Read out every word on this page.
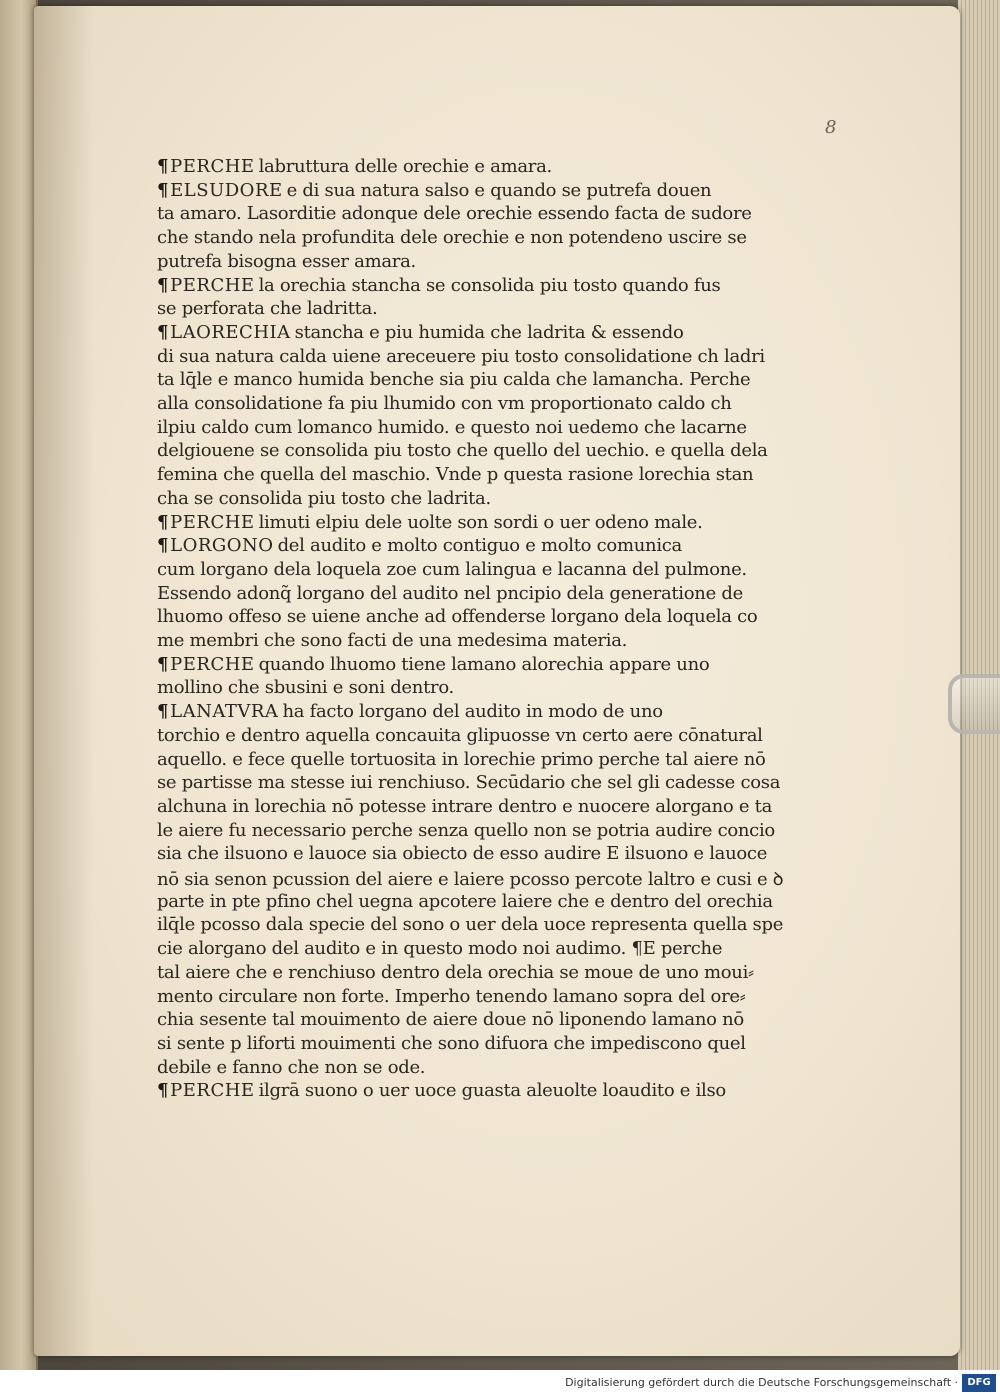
8
¶ PERCHE labruttura delle orechie e amara.
¶ ELSUDORE e di sua natura salso e quando se putrefa douen
ta amaro. Lasorditie adonque dele orechie essendo facta de sudore
che stando nela profundita dele orechie e non potendeno uscire se
putrefa bisogna esser amara.
¶ PERCHE la orechia stancha se consolida piu tosto quando fus
se perforata che ladritta.
¶ LAORECHIA stancha e piu humida che ladrita & essendo
di sua natura calda uiene areceuere piu tosto consolidatione ch ladri
ta lq̄le e manco humida benche sia piu calda che lamancha. Perche
alla consolidatione fa piu lhumido con vm proportionato caldo ch
ilpiu caldo cum lomanco humido. e questo noi uedemo che lacarne
delgiouene se consolida piu tosto che quello del uechio. e quella dela
femina che quella del maschio. Vnde p questa rasione lorechia stan
cha se consolida piu tosto che ladrita.
¶ PERCHE limuti elpiu dele uolte son sordi o uer odeno male.
¶ LORGONO del audito e molto contiguo e molto comunica
cum lorgano dela loquela zoe cum lalingua e lacanna del pulmone.
Essendo adonq̃ lorgano del audito nel pncipio dela generatione de
lhuomo offeso se uiene anche ad offenderse lorgano dela loquela co
me membri che sono facti de una medesima materia.
¶ PERCHE quando lhuomo tiene lamano alorechia appare uno
mollino che sbusini e soni dentro.
¶ LANATVRA ha facto lorgano del audito in modo de uno
torchio e dentro aquella concauita glipuosse vn certo aere cōnatural
aquello. e fece quelle tortuosita in lorechie primo perche tal aiere nō
se partisse ma stesse iui renchiuso. Secūdario che sel gli cadesse cosa
alchuna in lorechia nō potesse intrare dentro e nuocere alorgano e ta
le aiere fu necessario perche senza quello non se potria audire concio
sia che ilsuono e lauoce sia obiecto de esso audire E ilsuono e lauoce
nō sia senon pcussion del aiere e laiere pcosso percote laltro e cusi e ꝺ
parte in pte pfino chel uegna apcotere laiere che e dentro del orechia
ilq̄le pcosso dala specie del sono o uer dela uoce representa quella spe
cie alorgano del audito e in questo modo noi audimo. ¶E perche
tal aiere che e renchiuso dentro dela orechia se moue de uno moui⸗
mento circulare non forte. Imperho tenendo lamano sopra del ore⸗
chia sesente tal mouimento de aiere doue nō liponendo lamano nō
si sente p liforti mouimenti che sono difuora che impediscono quel
debile e fanno che non se ode.
¶ PERCHE ilgrā suono o uer uoce guasta aleuolte loaudito e ilso
Digitalisierung gefördert durch die Deutsche Forschungsgemeinschaft · DFG
